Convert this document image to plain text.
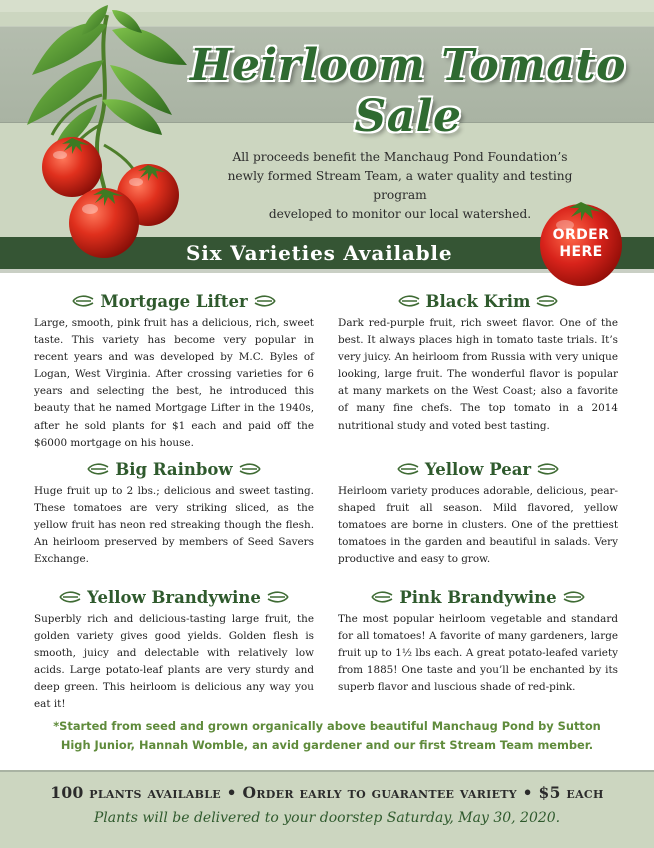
Heirloom Tomato Sale
All proceeds benefit the Manchaug Pond Foundation’s
newly formed Stream Team, a water quality and testing program
developed to monitor our local watershed.
Six Varieties Available
ORDER
HERE
Mortgage Lifter
Large, smooth, pink fruit has a delicious, rich, sweet taste. This variety has become very popular in recent years and was developed by M.C. Byles of Logan, West Virginia. After crossing varieties for 6 years and selecting the best, he introduced this beauty that he named Mortgage Lifter in the 1940s, after he sold plants for $1 each and paid off the $6000 mortgage on his house.
Black Krim
Dark red-purple fruit, rich sweet flavor. One of the best. It always places high in tomato taste trials. It’s very juicy. An heirloom from Russia with very unique looking, large fruit. The wonderful flavor is popular at many markets on the West Coast; also a favorite of many fine chefs. The top tomato in a 2014 nutritional study and voted best tasting.
Big Rainbow
Huge fruit up to 2 lbs.; delicious and sweet tasting. These tomatoes are very striking sliced, as the yellow fruit has neon red streaking though the flesh. An heirloom preserved by members of Seed Savers Exchange.
Yellow Pear
Heirloom variety produces adorable, delicious, pear-shaped fruit all season. Mild flavored, yellow tomatoes are borne in clusters. One of the prettiest tomatoes in the garden and beautiful in salads. Very productive and easy to grow.
Yellow Brandywine
Superbly rich and delicious-tasting large fruit, the golden variety gives good yields. Golden flesh is smooth, juicy and delectable with relatively low acids. Large potato-leaf plants are very sturdy and deep green. This heirloom is delicious any way you eat it!
Pink Brandywine
The most popular heirloom vegetable and standard for all tomatoes! A favorite of many gardeners, large fruit up to 1½ lbs each. A great potato-leafed variety from 1885! One taste and you’ll be enchanted by its superb flavor and luscious shade of red-pink.
*Started from seed and grown organically above beautiful Manchaug Pond by Sutton High Junior, Hannah Womble, an avid gardener and our first Stream Team member.
100 plants available • Order early to guarantee variety • $5 each
Plants will be delivered to your doorstep Saturday, May 30, 2020.
